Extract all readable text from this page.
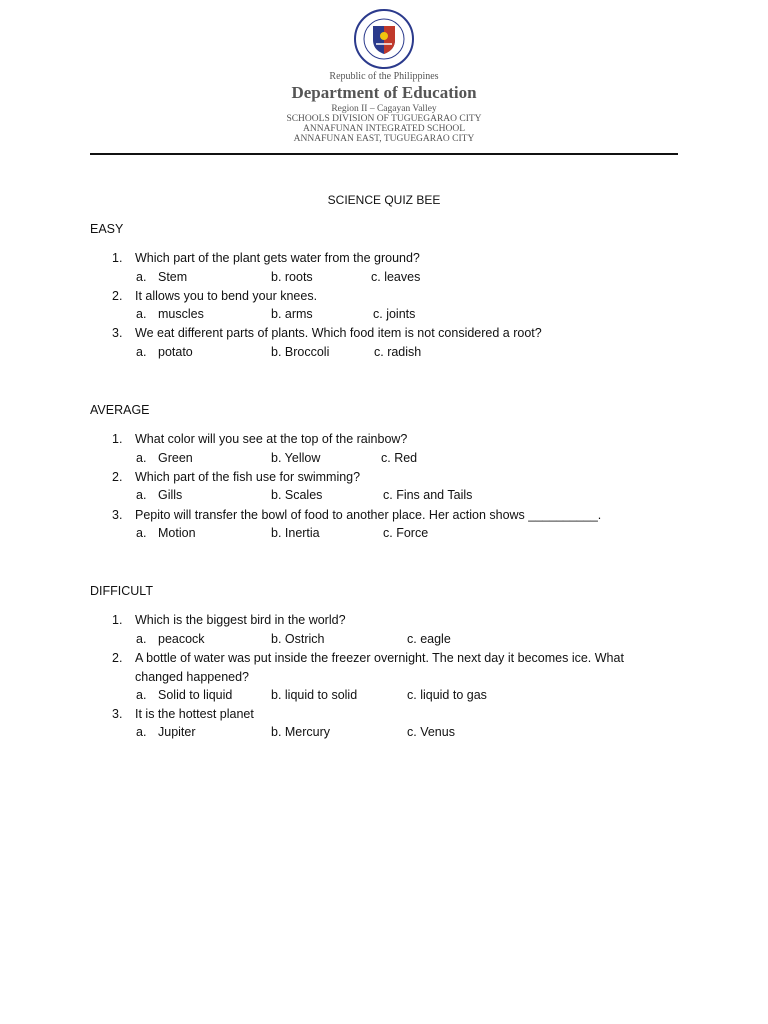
Republic of the Philippines
Department of Education
Region II – Cagayan Valley
SCHOOLS DIVISION OF TUGUEGARAO CITY
ANNAFUNAN INTEGRATED SCHOOL
ANNAFUNAN EAST, TUGUEGARAO CITY
SCIENCE QUIZ BEE
EASY
1. Which part of the plant gets water from the ground?
a. Stem	b. roots	c. leaves
2. It allows you to bend your knees.
a. muscles	b. arms	c. joints
3. We eat different parts of plants. Which food item is not considered a root?
a. potato	b. Broccoli	c. radish
AVERAGE
1. What color will you see at the top of the rainbow?
a. Green	b. Yellow	c. Red
2. Which part of the fish use for swimming?
a. Gills	b. Scales	c. Fins and Tails
3. Pepito will transfer the bowl of food to another place. Her action shows __________.
a. Motion	b. Inertia	c. Force
DIFFICULT
1. Which is the biggest bird in the world?
a. peacock	b. Ostrich	c. eagle
2. A bottle of water was put inside the freezer overnight. The next day it becomes ice. What changed happened?
a. Solid to liquid	b. liquid to solid	c. liquid to gas
3. It is the hottest planet
a. Jupiter	b. Mercury	c. Venus
